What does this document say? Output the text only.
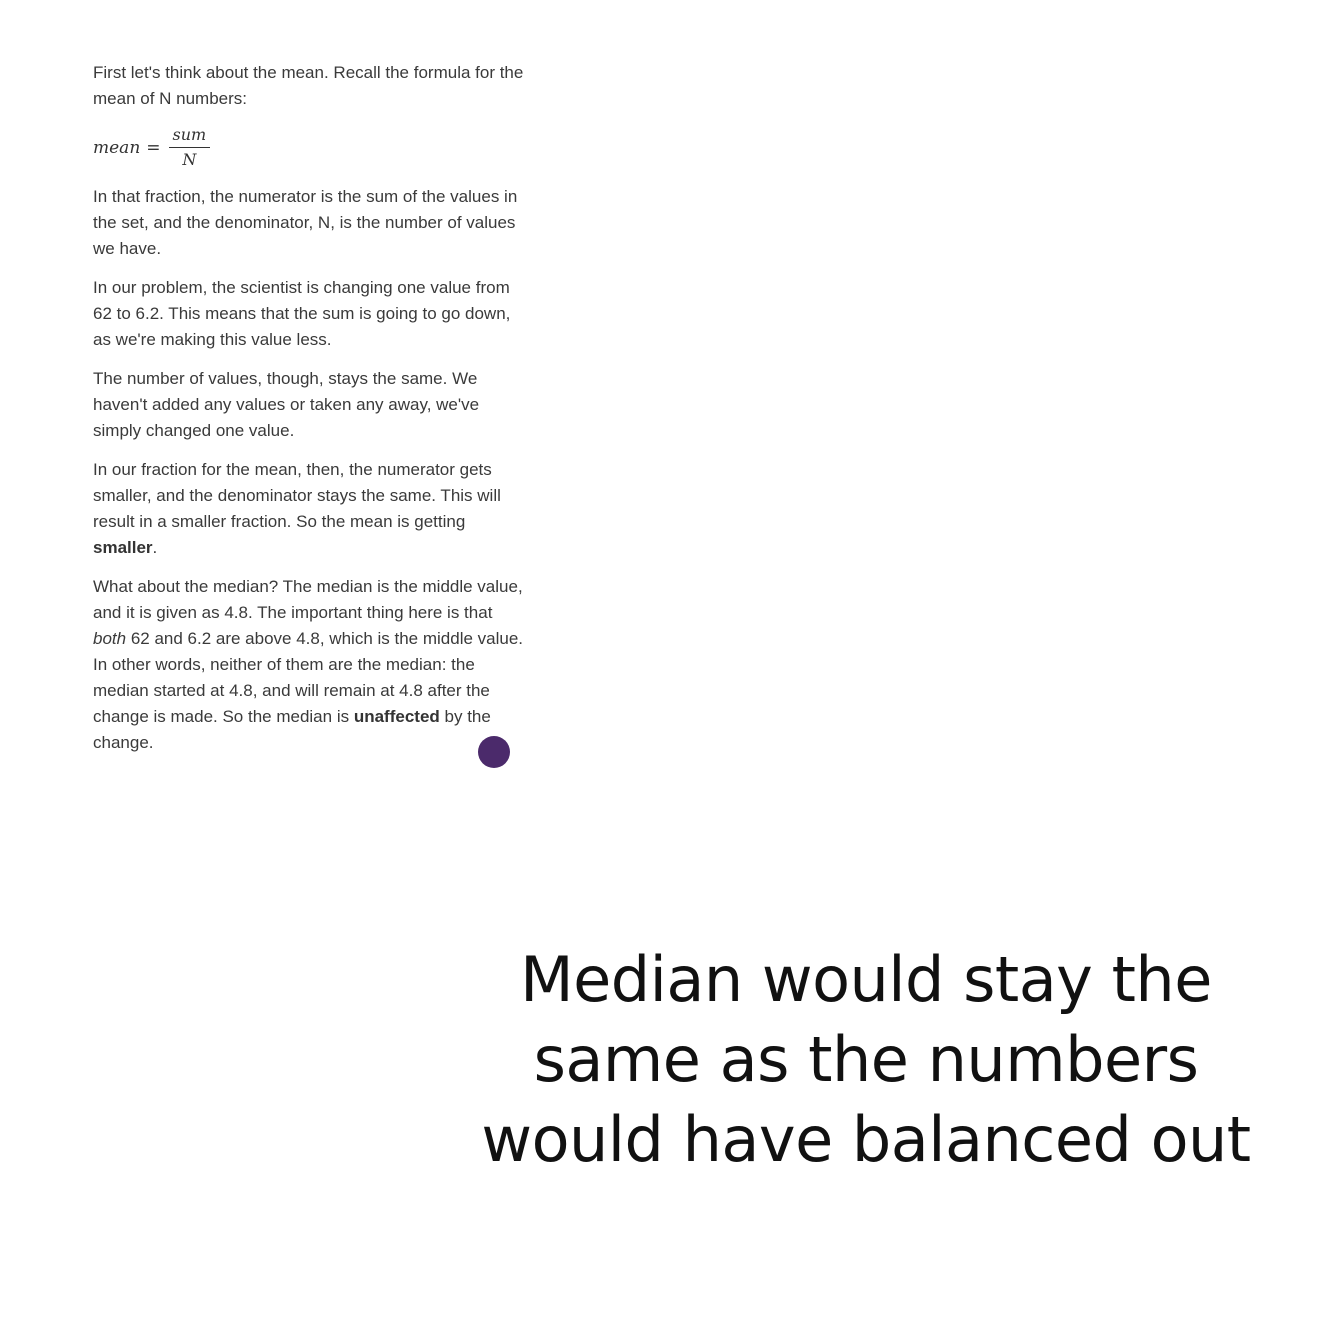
First let's think about the mean. Recall the formula for the mean of N numbers:

mean = $\frac{\text{sum}}{N}$

In that fraction, the numerator is the sum of the values in the set, and the denominator, N, is the number of values we have.

In our problem, the scientist is changing one value from 62 to 6.2. This means that the sum is going to go down, as we're making this value less.

The number of values, though, stays the same. We haven't added any values or taken any away, we've simply changed one value.

In our fraction for the mean, then, the numerator gets smaller, and the denominator stays the same. This will result in a smaller fraction. So the mean is getting smaller.

What about the median? The median is the middle value, and it is given as 4.8. The important thing here is that both 62 and 6.2 are above 4.8, which is the middle value. In other words, neither of them are the median: the median started at 4.8, and will remain at 4.8 after the change is made. So the median is unaffected by the change.

Median would stay the same as the numbers would have balanced out
